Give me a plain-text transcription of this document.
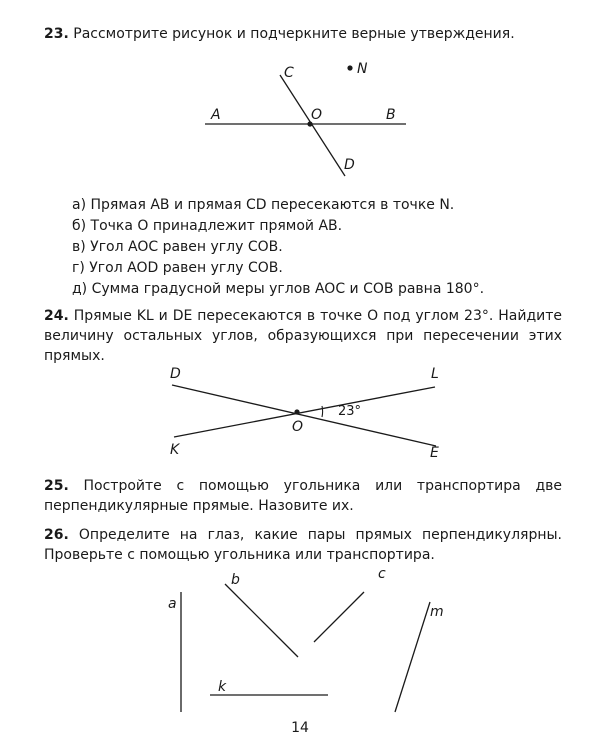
23. Рассмотрите рисунок и подчеркните верные утверждения.
C	N
A	O	B
D
а) Прямая AB и прямая CD пересекаются в точке N.
б) Точка O принадлежит прямой AB.
в) Угол AOC равен углу COB.
г) Угол AOD равен углу COB.
д) Сумма градусной меры углов AOC и COB равна 180°.
24. Прямые KL и DE пересекаются в точке O под углом 23°. Найдите величину остальных углов, образующихся при пересечении этих прямых.
D	L
K	E
O
23°
25. Постройте с помощью угольника или транспортира две перпендикулярные прямые. Назовите их.
26. Определите на глаз, какие пары прямых перпендикулярны. Проверьте с помощью угольника или транспортира.
a
b	c
m
k
14
